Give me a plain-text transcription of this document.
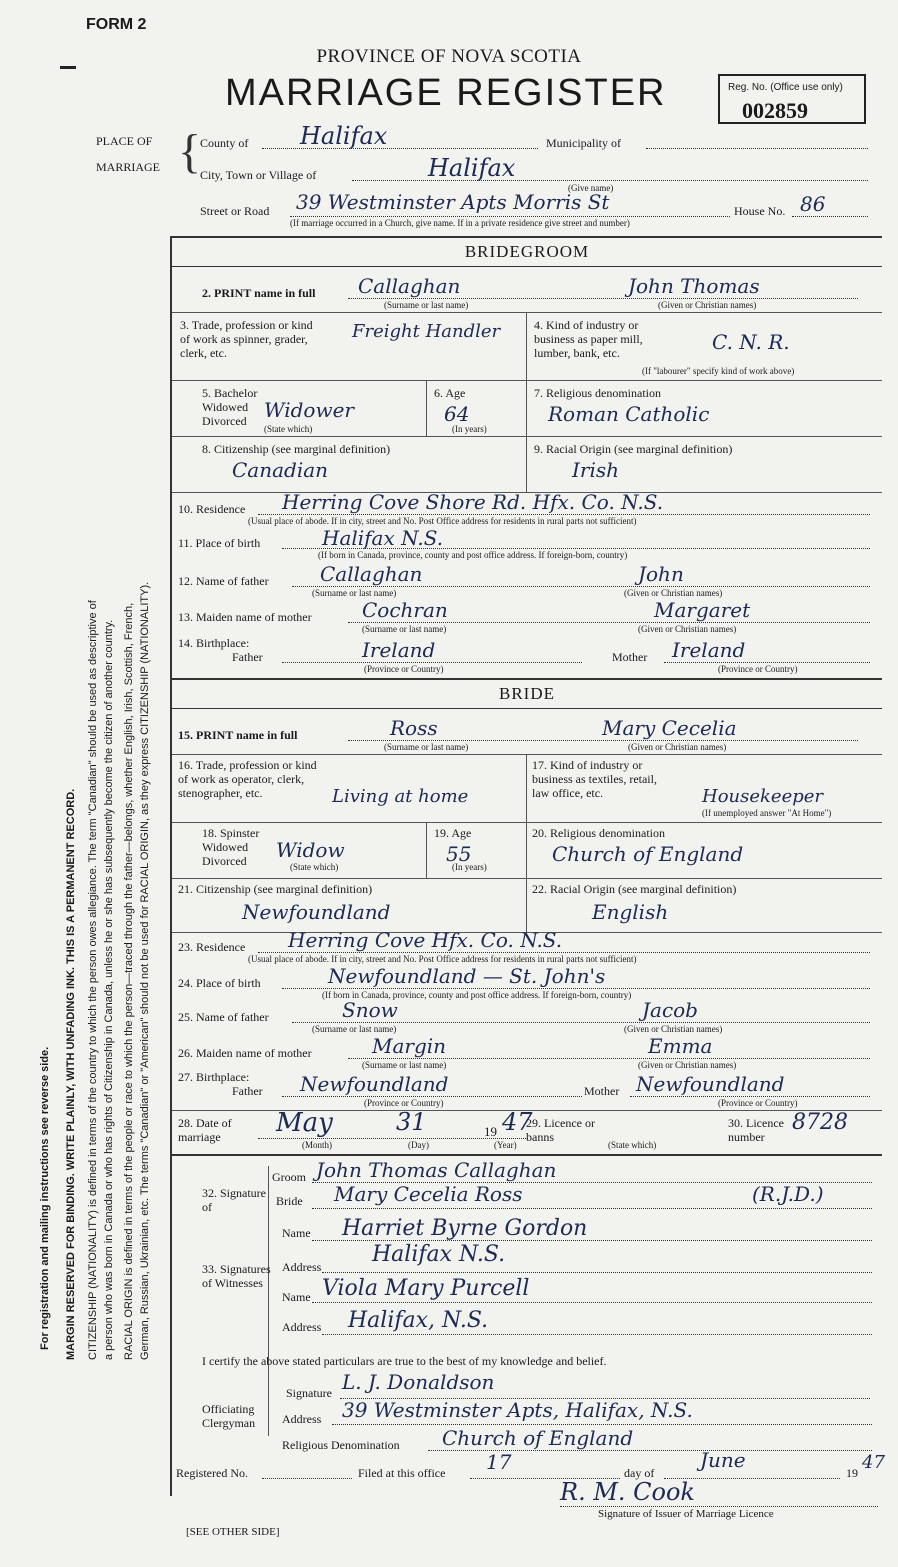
FORM 2
PROVINCE OF NOVA SCOTIA
MARRIAGE REGISTER	Reg. No. (Office use only)
002859
PLACE OF
MARRIAGE {
County of Halifax	Municipality of
City, Town or Village of	Halifax
(Give name)
Street or Road 39 Westminster Apts Morris St	House No. 86
(If marriage occurred in a Church, give name. If in a private residence give street and number)
For registration and mailing instructions see reverse side. MARGIN RESERVED FOR BINDING. WRITE PLAINLY, WITH UNFADING INK. THIS IS A PERMANENT RECORD. CITIZENSHIP (NATIONALITY) is defined in terms of the country to which the person owes allegiance. The term "Canadian" should be used as descriptive of a person who was born in Canada or who has rights of Citizenship in Canada, unless he or she has subsequently become the citizen of another country. RACIAL ORIGIN is defined in terms of the people or race to which the person—traced through the father—belongs, whether English, Irish, Scottish, French, German, Russian, Ukrainian, etc. The terms "Canadian" or "American" should not be used for RACIAL ORIGIN, as they express CITIZENSHIP (NATIONALITY).
BRIDEGROOM
2. PRINT name in full Callaghan	John Thomas
(Surname or last name)	(Given or Christian names)
3. Trade, profession or kind of work as spinner, grader, clerk, etc.
Freight Handler	4. Kind of industry or business as paper mill, lumber, bank, etc.	C. N. R.
(If "labourer" specify kind of work above)
5. Bachelor Widowed Divorced Widower
(State which)
6. Age
64
(In years)
7. Religious denomination
Roman Catholic
8. Citizenship (see marginal definition)
Canadian
9. Racial Origin (see marginal definition)
Irish
10. Residence Herring Cove Shore Rd. Hfx. Co. N.S.
(Usual place of abode. If in city, street and No. Post Office address for residents in rural parts not sufficient)
11. Place of birth	Halifax N.S.
(If born in Canada, province, county and post office address. If foreign-born, country)
12. Name of father	Callaghan	John
(Surname or last name)	(Given or Christian names)
13. Maiden name of mother	Cochran	Margaret
(Surname or last name)	(Given or Christian names)
14. Birthplace:
Father	Ireland	Mother Ireland
(Province or Country)	(Province or Country)
BRIDE
15. PRINT name in full	Ross	Mary Cecelia
(Surname or last name)	(Given or Christian names)
16. Trade, profession or kind of work as operator, clerk, stenographer, etc.	Living at home
17. Kind of industry or business as textiles, retail, law office, etc.	Housekeeper
(If unemployed answer "At Home")
18. Spinster Widowed Divorced	Widow
(State which)
19. Age
55
(In years)
20. Religious denomination
Church of England
21. Citizenship (see marginal definition)
Newfoundland
22. Racial Origin (see marginal definition)
English
23. Residence Herring Cove Hfx. Co. N.S.
(Usual place of abode. If in city, street and No. Post Office address for residents in rural parts not sufficient)
24. Place of birth	Newfoundland — St. John's
(If born in Canada, province, county and post office address. If foreign-born, country)
25. Name of father	Snow	Jacob
(Surname or last name)	(Given or Christian names)
26. Maiden name of mother	Margin	Emma
(Surname or last name)	(Given or Christian names)
27. Birthplace:
Father Newfoundland	Mother Newfoundland
(Province or Country)	(Province or Country)
28. Date of marriage	May	31	19 47
(Month)	(Day)	(Year)
29. Licence or banns
(State which)
30. Licence number
8728
32. Signature of
Groom John Thomas Callaghan
Bride Mary Cecelia Ross	(R.J.D.)
33. Signatures of Witnesses
Name Harriet Byrne Gordon
Address Halifax N.S.
Name Viola Mary Purcell
Address Halifax, N.S.
I certify the above stated particulars are true to the best of my knowledge and belief.
Signature L. J. Donaldson
Officiating Clergyman	Address 39 Westminster Apts, Halifax, N.S.
Religious Denomination Church of England
Registered No.	Filed at this office 17	day of
June
19 47
R. M. Cook
Signature of Issuer of Marriage Licence
[SEE OTHER SIDE]
